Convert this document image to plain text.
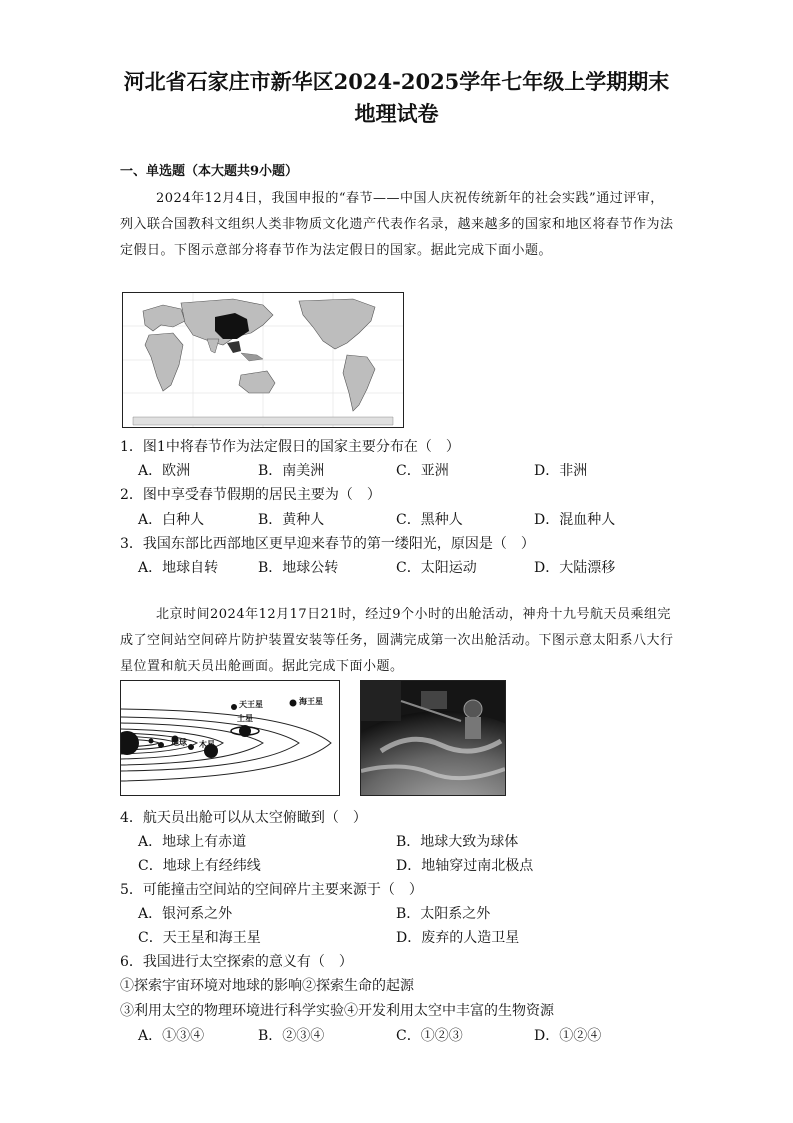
河北省石家庄市新华区2024-2025学年七年级上学期期末
地理试卷
一、单选题（本大题共9小题）
2024年12月4日，我国申报的“春节——中国人庆祝传统新年的社会实践”通过评审，列入联合国教科文组织人类非物质文化遗产代表作名录，越来越多的国家和地区将春节作为法定假日。下图示意部分将春节作为法定假日的国家。据此完成下面小题。
1．图1中将春节作为法定假日的国家主要分布在（　）
A．欧洲	B．南美洲	C．亚洲	D．非洲
2．图中享受春节假期的居民主要为（　）
A．白种人	B．黄种人	C．黑种人	D．混血种人
3．我国东部比西部地区更早迎来春节的第一缕阳光，原因是（　）
A．地球自转	B．地球公转	C．太阳运动	D．大陆漂移
北京时间2024年12月17日21时，经过9个小时的出舱活动，神舟十九号航天员乘组完成了空间站空间碎片防护装置安装等任务，圆满完成第一次出舱活动。下图示意太阳系八大行星位置和航天员出舱画面。据此完成下面小题。
天王星	海王星
土星
地球 木星
4．航天员出舱可以从太空俯瞰到（　）
A．地球上有赤道	B．地球大致为球体
C．地球上有经纬线	D．地轴穿过南北极点
5．可能撞击空间站的空间碎片主要来源于（　）
A．银河系之外	B．太阳系之外
C．天王星和海王星	D．废弃的人造卫星
6．我国进行太空探索的意义有（　）
①探索宇宙环境对地球的影响②探索生命的起源
③利用太空的物理环境进行科学实验④开发利用太空中丰富的生物资源
A．①③④	B．②③④	C．①②③	D．①②④
